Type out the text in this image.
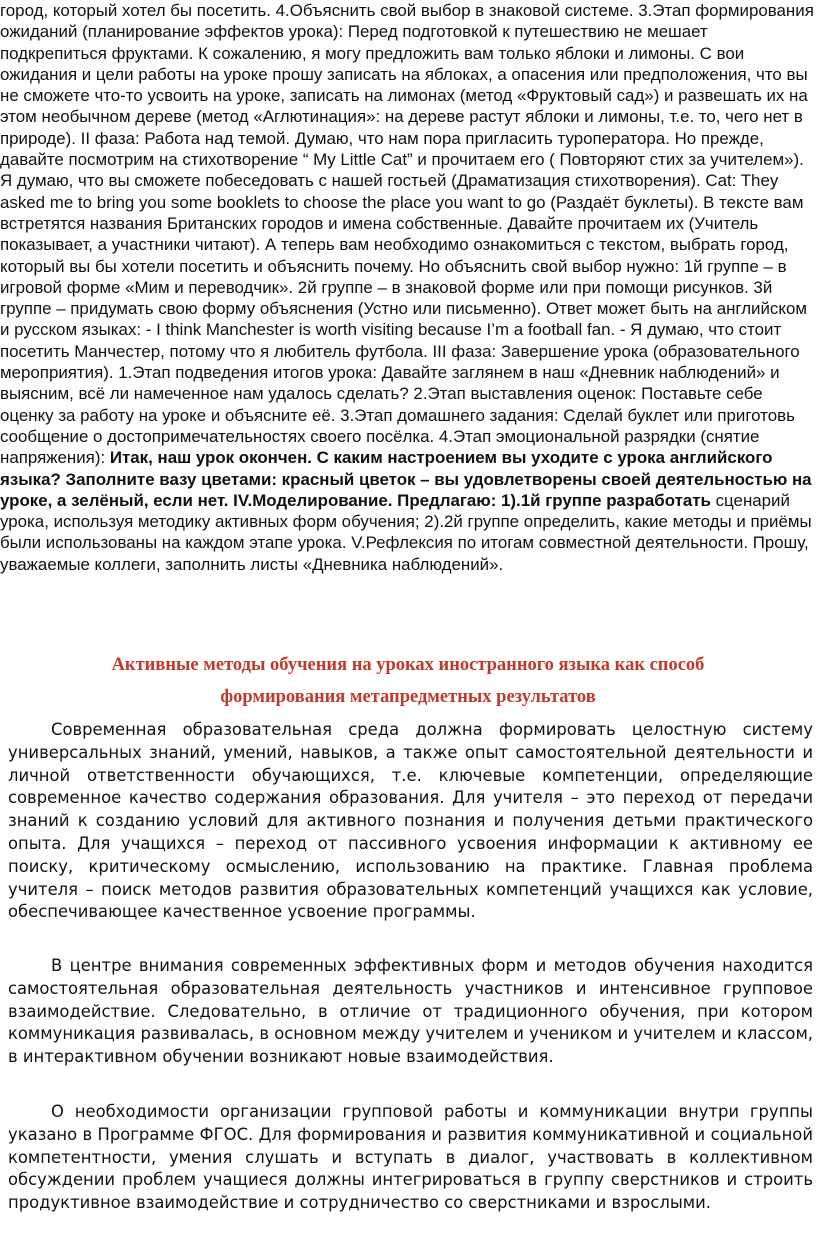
город, который хотел бы посетить. 4.Объяснить свой выбор в знаковой системе. 3.Этап формирования ожиданий (планирование эффектов урока): Перед подготовкой к путешествию не мешает подкрепиться фруктами. К сожалению, я могу предложить вам только яблоки и лимоны. С вои ожидания и цели работы на уроке прошу записать на яблоках, а опасения или предположения, что вы не сможете что-то усвоить на уроке, записать на лимонах (метод «Фруктовый сад») и развешать их на этом необычном дереве (метод «Аглютинация»: на дереве растут яблоки и лимоны, т.е. то, чего нет в природе). II фаза: Работа над темой. Думаю, что нам пора пригласить туроператора. Но прежде, давайте посмотрим на стихотворение “ My Little Cat” и прочитаем его ( Повторяют стих за учителем»). Я думаю, что вы сможете побеседовать с нашей гостьей (Драматизация стихотворения). Cat: They asked me to bring you some booklets to choose the place you want to go (Раздаёт буклеты). В тексте вам встретятся названия Британских городов и имена собственные. Давайте прочитаем их (Учитель показывает, а участники читают). А теперь вам необходимо ознакомиться с текстом, выбрать город, который вы бы хотели посетить и объяснить почему. Но объяснить свой выбор нужно: 1й группе – в игровой форме «Мим и переводчик». 2й группе – в знаковой форме или при помощи рисунков. 3й группе – придумать свою форму объяснения (Устно или письменно). Ответ может быть на английском и русском языках: - I think Manchester is worth visiting because I’m a football fan. - Я думаю, что стоит посетить Манчестер, потому что я любитель футбола. III фаза: Завершение урока (образовательного мероприятия). 1.Этап подведения итогов урока: Давайте заглянем в наш «Дневник наблюдений» и выясним, всё ли намеченное нам удалось сделать? 2.Этап выставления оценок: Поставьте себе оценку за работу на уроке и объясните её. 3.Этап домашнего задания: Сделай буклет или приготовь сообщение о достопримечательностях своего посёлка. 4.Этап эмоциональной разрядки (снятие напряжения): Итак, наш урок окончен. С каким настроением вы уходите с урока английского языка? Заполните вазу цветами: красный цветок – вы удовлетворены своей деятельностью на уроке, а зелёный, если нет. IV.Моделирование. Предлагаю: 1).1й группе разработать сценарий урока, используя методику активных форм обучения; 2).2й группе определить, какие методы и приёмы были использованы на каждом этапе урока. V.Рефлексия по итогам совместной деятельности. Прошу, уважаемые коллеги, заполнить листы «Дневника наблюдений».

Активные методы обучения на уроках иностранного языка как способ
формирования метапредметных результатов

Современная образовательная среда должна формировать целостную систему универсальных знаний, умений, навыков, а также опыт самостоятельной деятельности и личной ответственности обучающихся, т.е. ключевые компетенции, определяющие современное качество содержания образования. Для учителя – это переход от передачи знаний к созданию условий для активного познания и получения детьми практического опыта. Для учащихся – переход от пассивного усвоения информации к активному ее поиску, критическому осмыслению, использованию на практике. Главная проблема учителя – поиск методов развития образовательных компетенций учащихся как условие, обеспечивающее качественное усвоение программы.

В центре внимания современных эффективных форм и методов обучения находится самостоятельная образовательная деятельность участников и интенсивное групповое взаимодействие. Следовательно, в отличие от традиционного обучения, при котором коммуникация развивалась, в основном между учителем и учеником и учителем и классом, в интерактивном обучении возникают новые взаимодействия.

О необходимости организации групповой работы и коммуникации внутри группы указано в Программе ФГОС. Для формирования и развития коммуникативной и социальной компетентности, умения слушать и вступать в диалог, участвовать в коллективном обсуждении проблем учащиеся должны интегрироваться в группу сверстников и строить продуктивное взаимодействие и сотрудничество со сверстниками и взрослыми.
